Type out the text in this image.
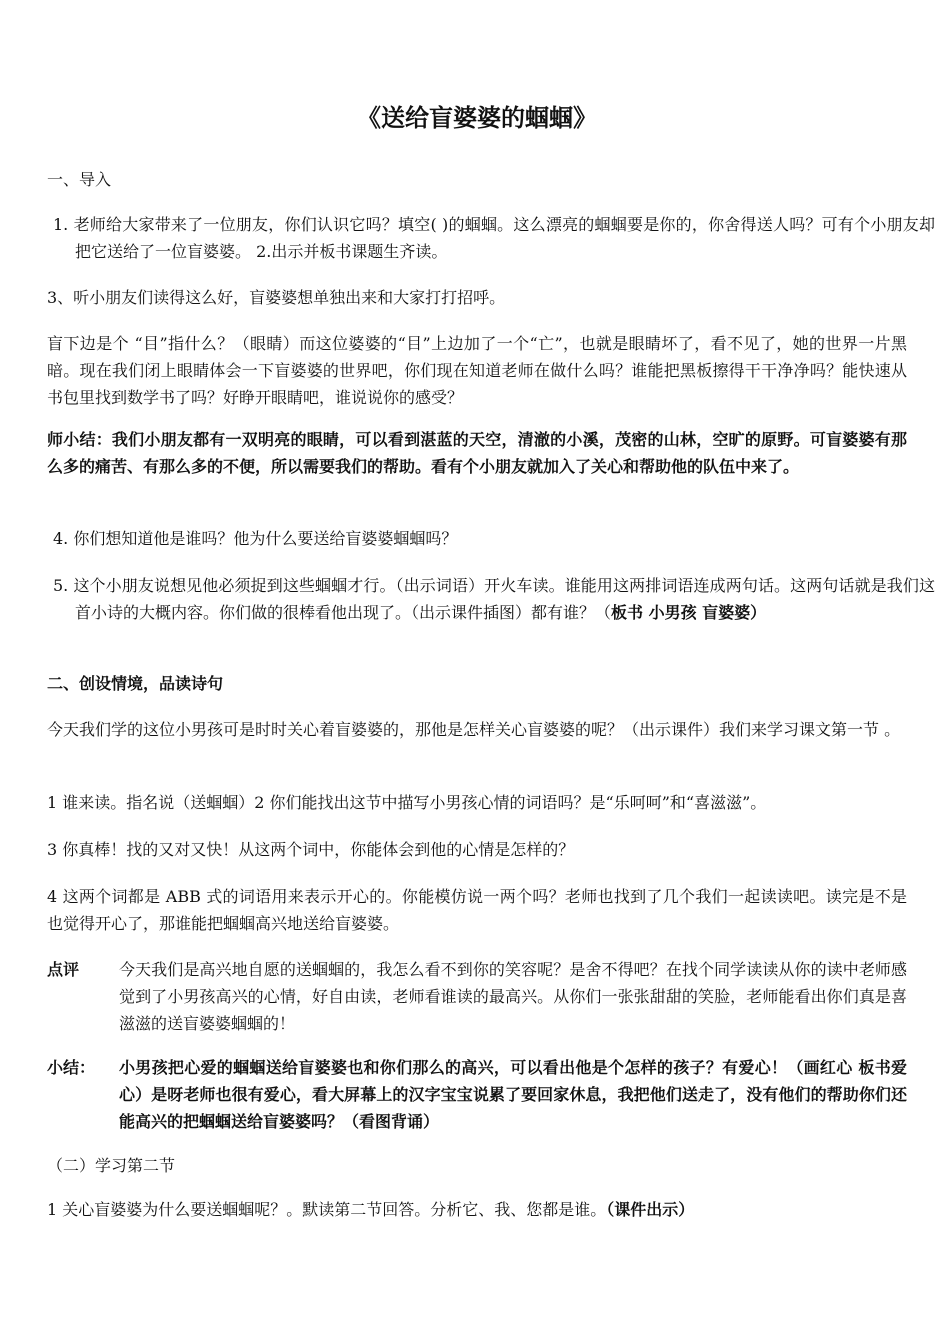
《送给盲婆婆的蝈蝈》

一、导入

1. 老师给大家带来了一位朋友，你们认识它吗？填空( )的蝈蝈。这么漂亮的蝈蝈要是你的，你舍得送人吗？可有个小朋友却把它送给了一位盲婆婆。 2.出示并板书课题生齐读。

3、听小朋友们读得这么好，盲婆婆想单独出来和大家打打招呼。

盲下边是个 “目”指什么？（眼睛）而这位婆婆的“目”上边加了一个“亡”，也就是眼睛坏了，看不见了，她的世界一片黑暗。现在我们闭上眼睛体会一下盲婆婆的世界吧，你们现在知道老师在做什么吗？谁能把黑板擦得干干净净吗？能快速从书包里找到数学书了吗？好睁开眼睛吧，谁说说你的感受？

师小结：我们小朋友都有一双明亮的眼睛，可以看到湛蓝的天空，清澈的小溪，茂密的山林，空旷的原野。可盲婆婆有那么多的痛苦、有那么多的不便，所以需要我们的帮助。看有个小朋友就加入了关心和帮助他的队伍中来了。

4. 你们想知道他是谁吗？他为什么要送给盲婆婆蝈蝈吗？

5. 这个小朋友说想见他必须捉到这些蝈蝈才行。（出示词语）开火车读。谁能用这两排词语连成两句话。这两句话就是我们这首小诗的大概内容。你们做的很棒看他出现了。（出示课件插图）都有谁？（板书 小男孩 盲婆婆）

二、创设情境，品读诗句

今天我们学的这位小男孩可是时时关心着盲婆婆的，那他是怎样关心盲婆婆的呢？（出示课件）我们来学习课文第一节 。

1 谁来读。指名说（送蝈蝈）2 你们能找出这节中描写小男孩心情的词语吗？是“乐呵呵”和“喜滋滋”。

3 你真棒！找的又对又快！从这两个词中，你能体会到他的心情是怎样的？

4 这两个词都是 ABB 式的词语用来表示开心的。你能模仿说一两个吗？老师也找到了几个我们一起读读吧。读完是不是也觉得开心了，那谁能把蝈蝈高兴地送给盲婆婆。

点评	今天我们是高兴地自愿的送蝈蝈的，我怎么看不到你的笑容呢？是舍不得吧？在找个同学读读从你的读中老师感觉到了小男孩高兴的心情，好自由读，老师看谁读的最高兴。从你们一张张甜甜的笑脸，老师能看出你们真是喜滋滋的送盲婆婆蝈蝈的！
小结：	小男孩把心爱的蝈蝈送给盲婆婆也和你们那么的高兴，可以看出他是个怎样的孩子？有爱心！（画红心 板书爱心）是呀老师也很有爱心，看大屏幕上的汉字宝宝说累了要回家休息，我把他们送走了，没有他们的帮助你们还能高兴的把蝈蝈送给盲婆婆吗？（看图背诵）

（二）学习第二节

1 关心盲婆婆为什么要送蝈蝈呢？。默读第二节回答。分析它、我、您都是谁。（课件出示）
